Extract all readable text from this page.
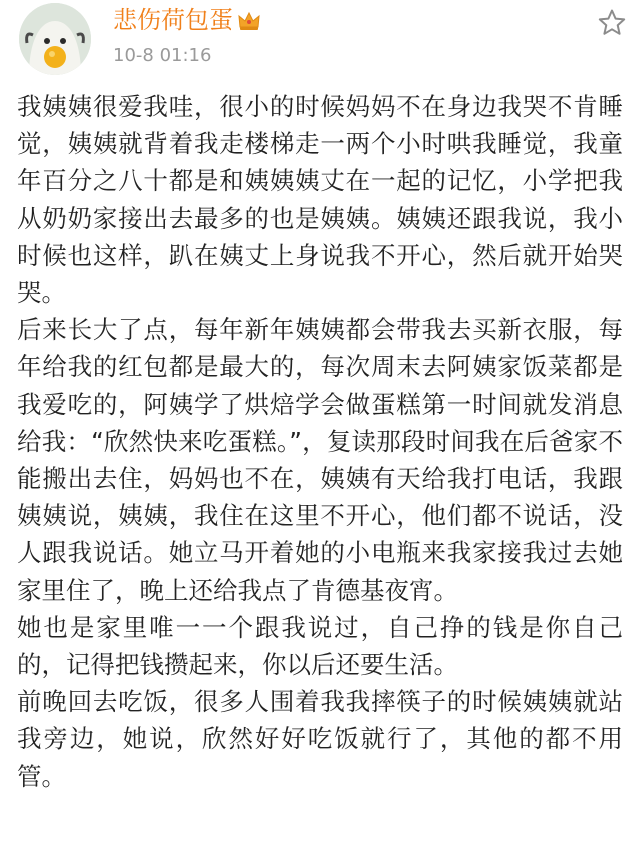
悲伤荷包蛋
10-8 01:16

我姨姨很爱我哇，很小的时候妈妈不在身边我哭不肯睡觉，姨姨就背着我走楼梯走一两个小时哄我睡觉，我童年百分之八十都是和姨姨姨丈在一起的记忆，小学把我从奶奶家接出去最多的也是姨姨。姨姨还跟我说，我小时候也这样，趴在姨丈上身说我不开心，然后就开始哭哭。

后来长大了点，每年新年姨姨都会带我去买新衣服，每年给我的红包都是最大的，每次周末去阿姨家饭菜都是我爱吃的，阿姨学了烘焙学会做蛋糕第一时间就发消息给我：“欣然快来吃蛋糕。”，复读那段时间我在后爸家不能搬出去住，妈妈也不在，姨姨有天给我打电话，我跟姨姨说，姨姨，我住在这里不开心，他们都不说话，没人跟我说话。她立马开着她的小电瓶来我家接我过去她家里住了，晚上还给我点了肯德基夜宵。

她也是家里唯一一个跟我说过，自己挣的钱是你自己的，记得把钱攒起来，你以后还要生活。

前晚回去吃饭，很多人围着我我摔筷子的时候姨姨就站我旁边，她说，欣然好好吃饭就行了，其他的都不用管。
